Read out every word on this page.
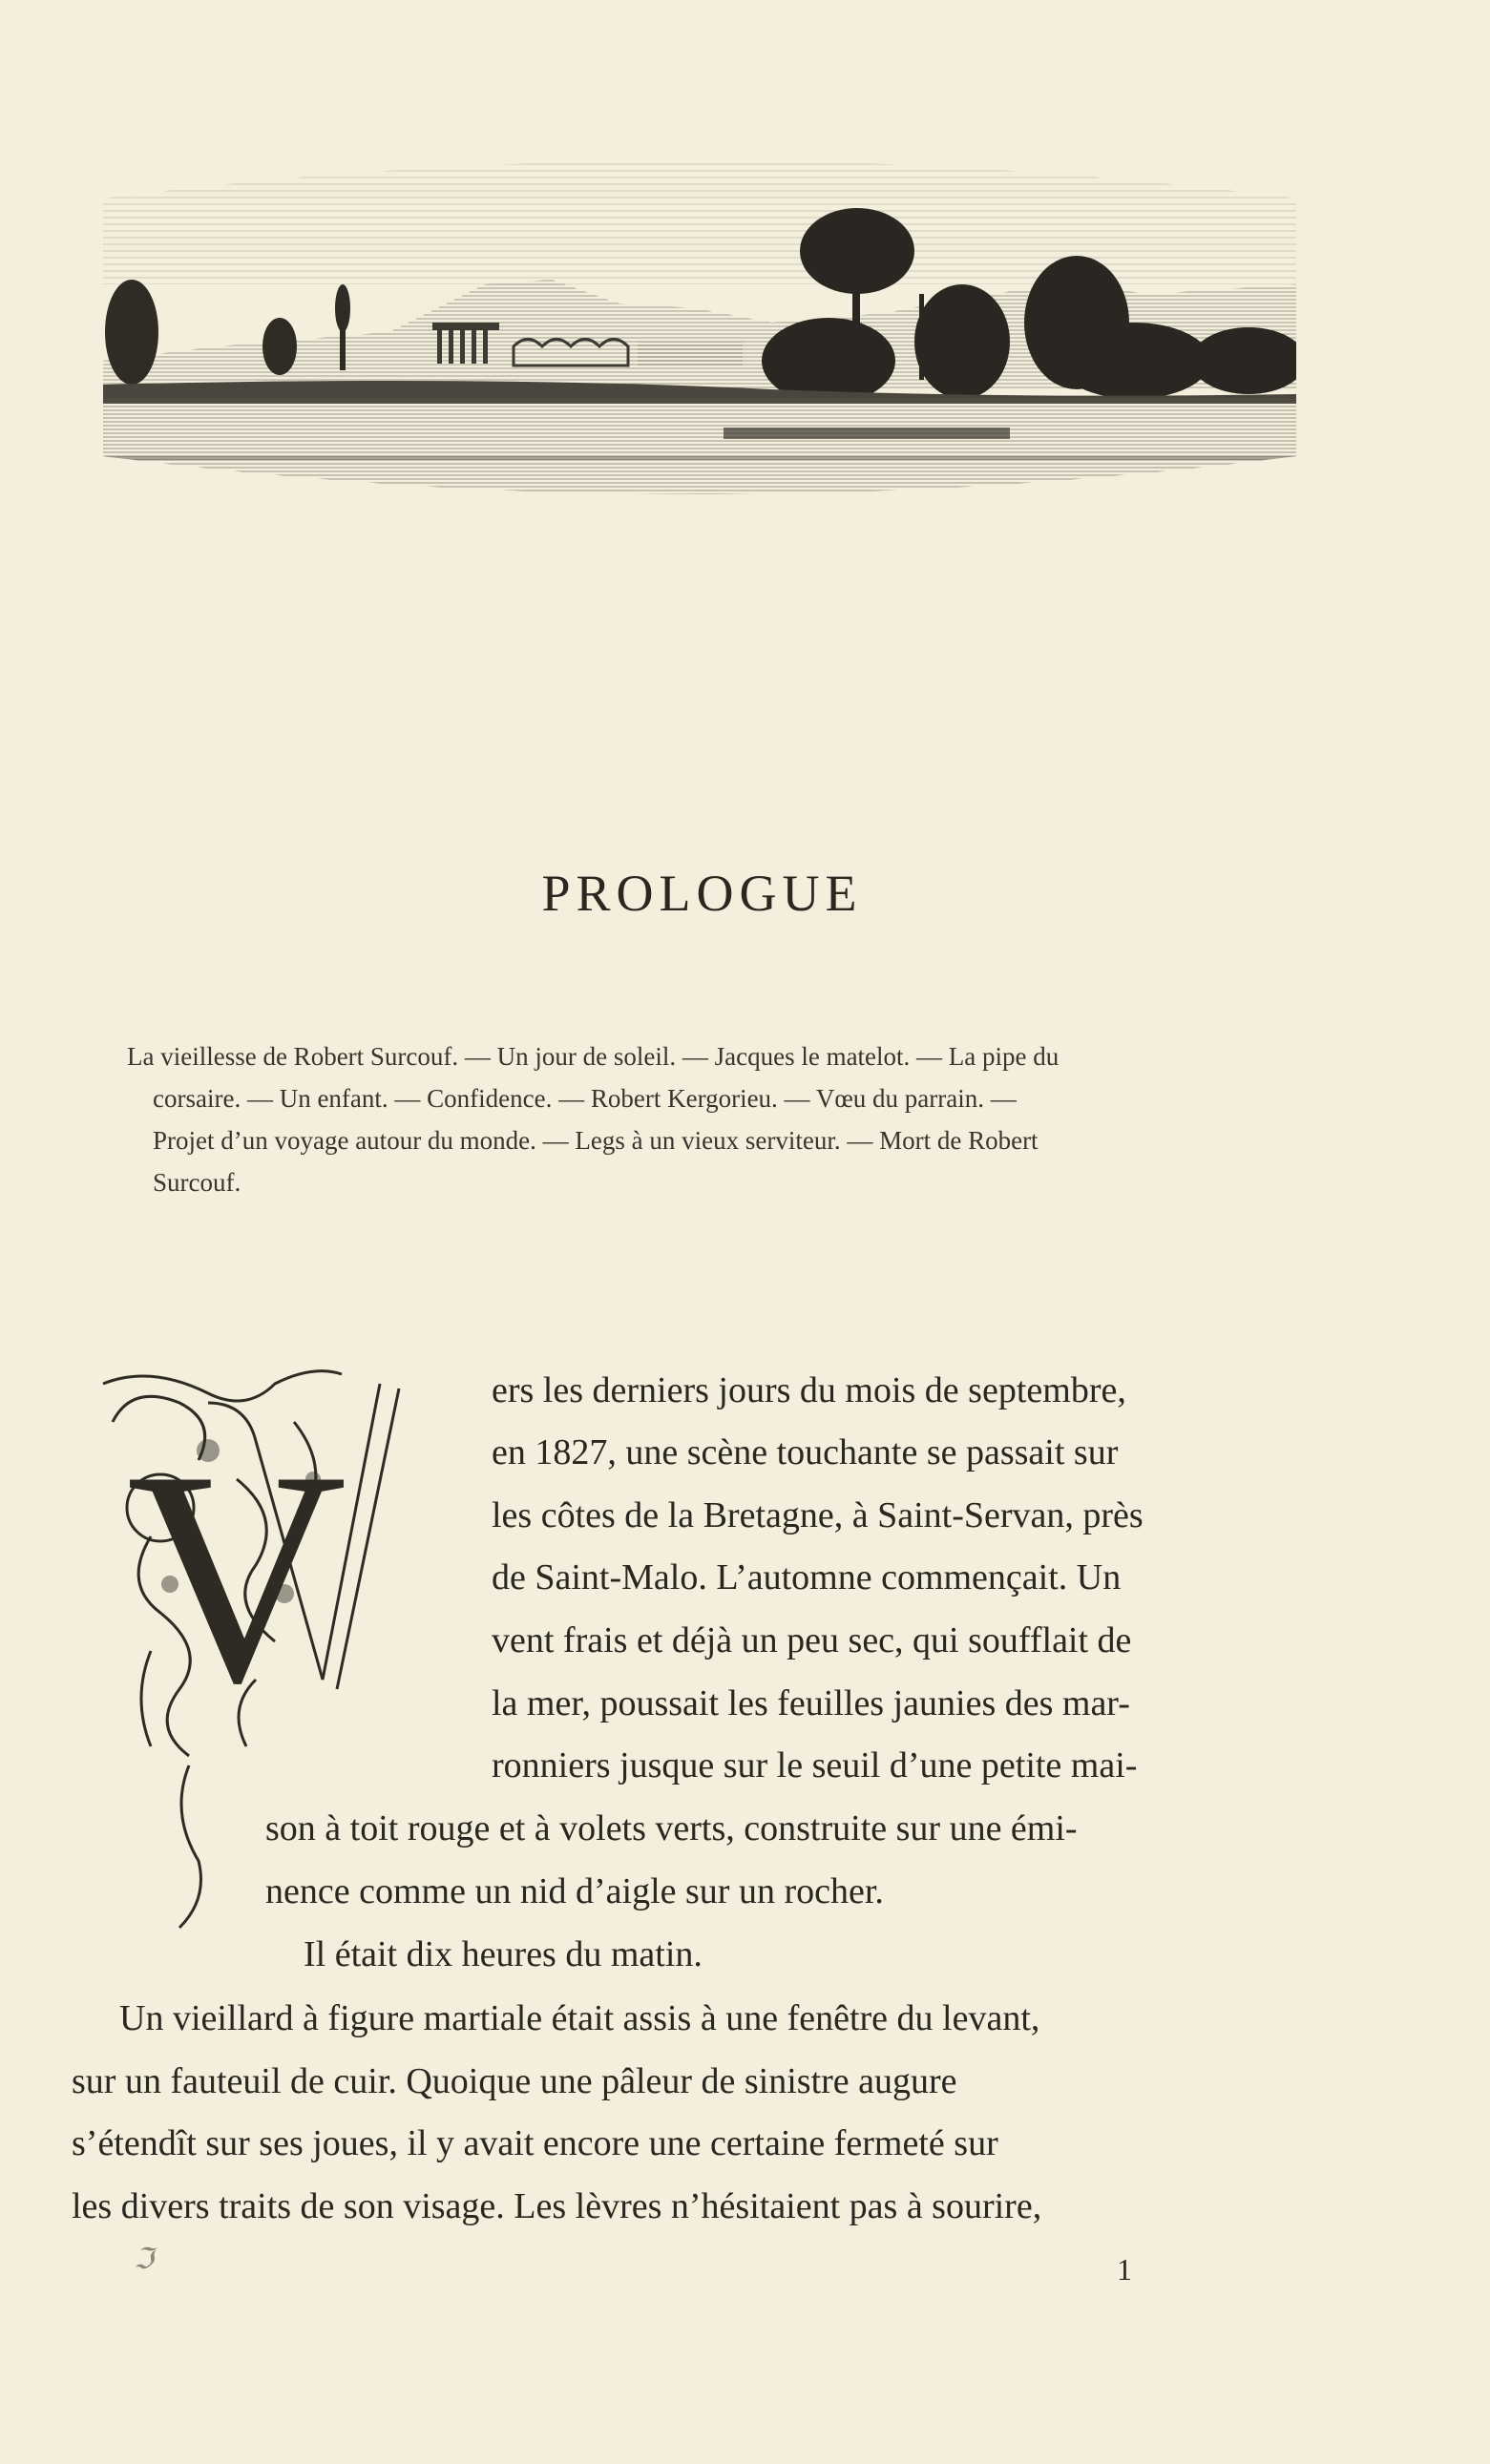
PROLOGUE
La vieillesse de Robert Surcouf. — Un jour de soleil. — Jacques le matelot. — La pipe du
corsaire. — Un enfant. — Confidence. — Robert Kergorieu. — Vœu du parrain. —
Projet d’un voyage autour du monde. — Legs à un vieux serviteur. — Mort de Robert
Surcouf.
V
ers les derniers jours du mois de septembre,
en 1827, une scène touchante se passait sur
les côtes de la Bretagne, à Saint-Servan, près
de Saint-Malo. L’automne commençait. Un
vent frais et déjà un peu sec, qui soufflait de
la mer, poussait les feuilles jaunies des mar-
ronniers jusque sur le seuil d’une petite mai-
son à toit rouge et à volets verts, construite sur une émi-
nence comme un nid d’aigle sur un rocher.
Il était dix heures du matin.
Un vieillard à figure martiale était assis à une fenêtre du levant,
sur un fauteuil de cuir. Quoique une pâleur de sinistre augure
s’étendît sur ses joues, il y avait encore une certaine fermeté sur
les divers traits de son visage. Les lèvres n’hésitaient pas à sourire,
ℑ	1
